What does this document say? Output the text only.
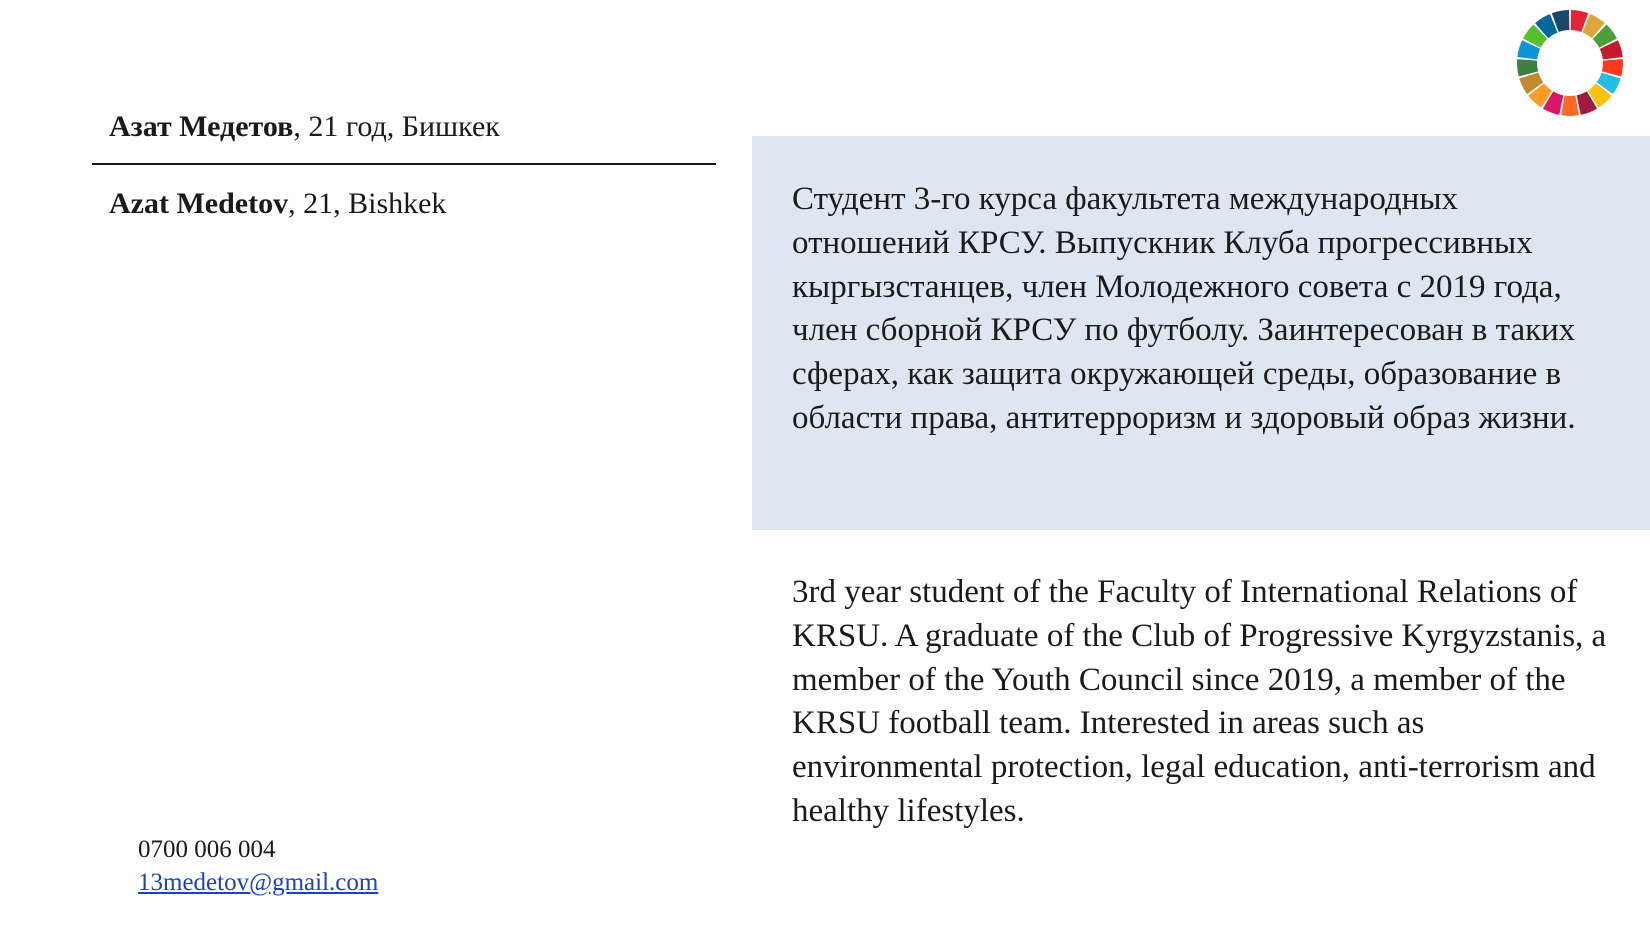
Азат Медетов, 21 год, Бишкек
Azat Medetov, 21, Bishkek	Студент 3-го курса факультета международных отношений КРСУ. Выпускник Клуба прогрессивных кыргызстанцев, член Молодежного совета с 2019 года, член сборной КРСУ по футболу. Заинтересован в таких сферах, как защита окружающей среды, образование в области права, антитерроризм и здоровый образ жизни.

3rd year student of the Faculty of International Relations of KRSU. A graduate of the Club of Progressive Kyrgyzstanis, a member of the Youth Council since 2019, a member of the KRSU football team. Interested in areas such as environmental protection, legal education, anti-terrorism and healthy lifestyles.

0700 006 004
13medetov@gmail.com
